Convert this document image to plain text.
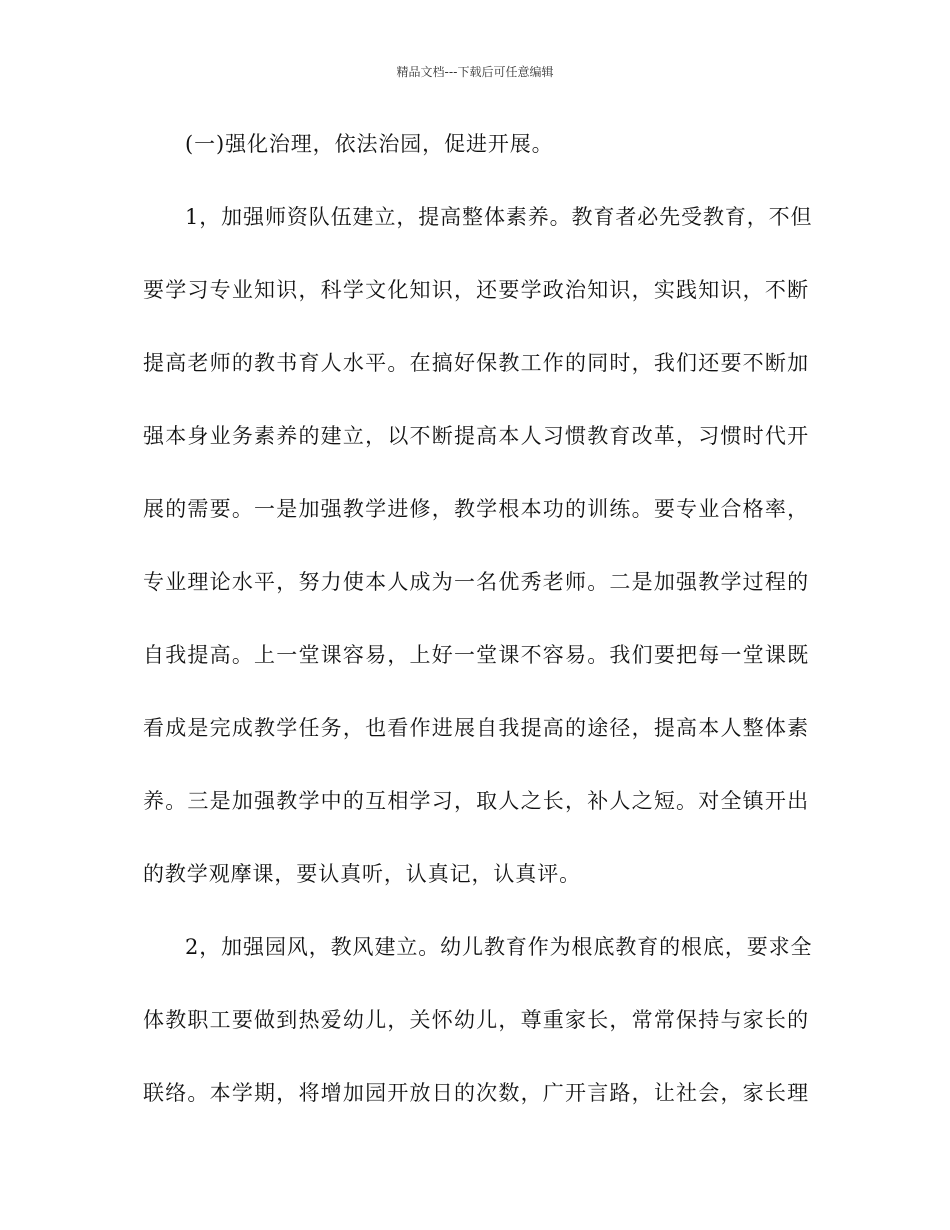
精品文档---下载后可任意编辑
(一)强化治理，依法治园，促进开展。
1，加强师资队伍建立，提高整体素养。教育者必先受教育，不但
要学习专业知识，科学文化知识，还要学政治知识，实践知识，不断
提高老师的教书育人水平。在搞好保教工作的同时，我们还要不断加
强本身业务素养的建立，以不断提高本人习惯教育改革，习惯时代开
展的需要。一是加强教学进修，教学根本功的训练。要专业合格率，
专业理论水平，努力使本人成为一名优秀老师。二是加强教学过程的
自我提高。上一堂课容易，上好一堂课不容易。我们要把每一堂课既
看成是完成教学任务，也看作进展自我提高的途径，提高本人整体素
养。三是加强教学中的互相学习，取人之长，补人之短。对全镇开出
的教学观摩课，要认真听，认真记，认真评。
2，加强园风，教风建立。幼儿教育作为根底教育的根底，要求全
体教职工要做到热爱幼儿，关怀幼儿，尊重家长，常常保持与家长的
联络。本学期，将增加园开放日的次数，广开言路，让社会，家长理
